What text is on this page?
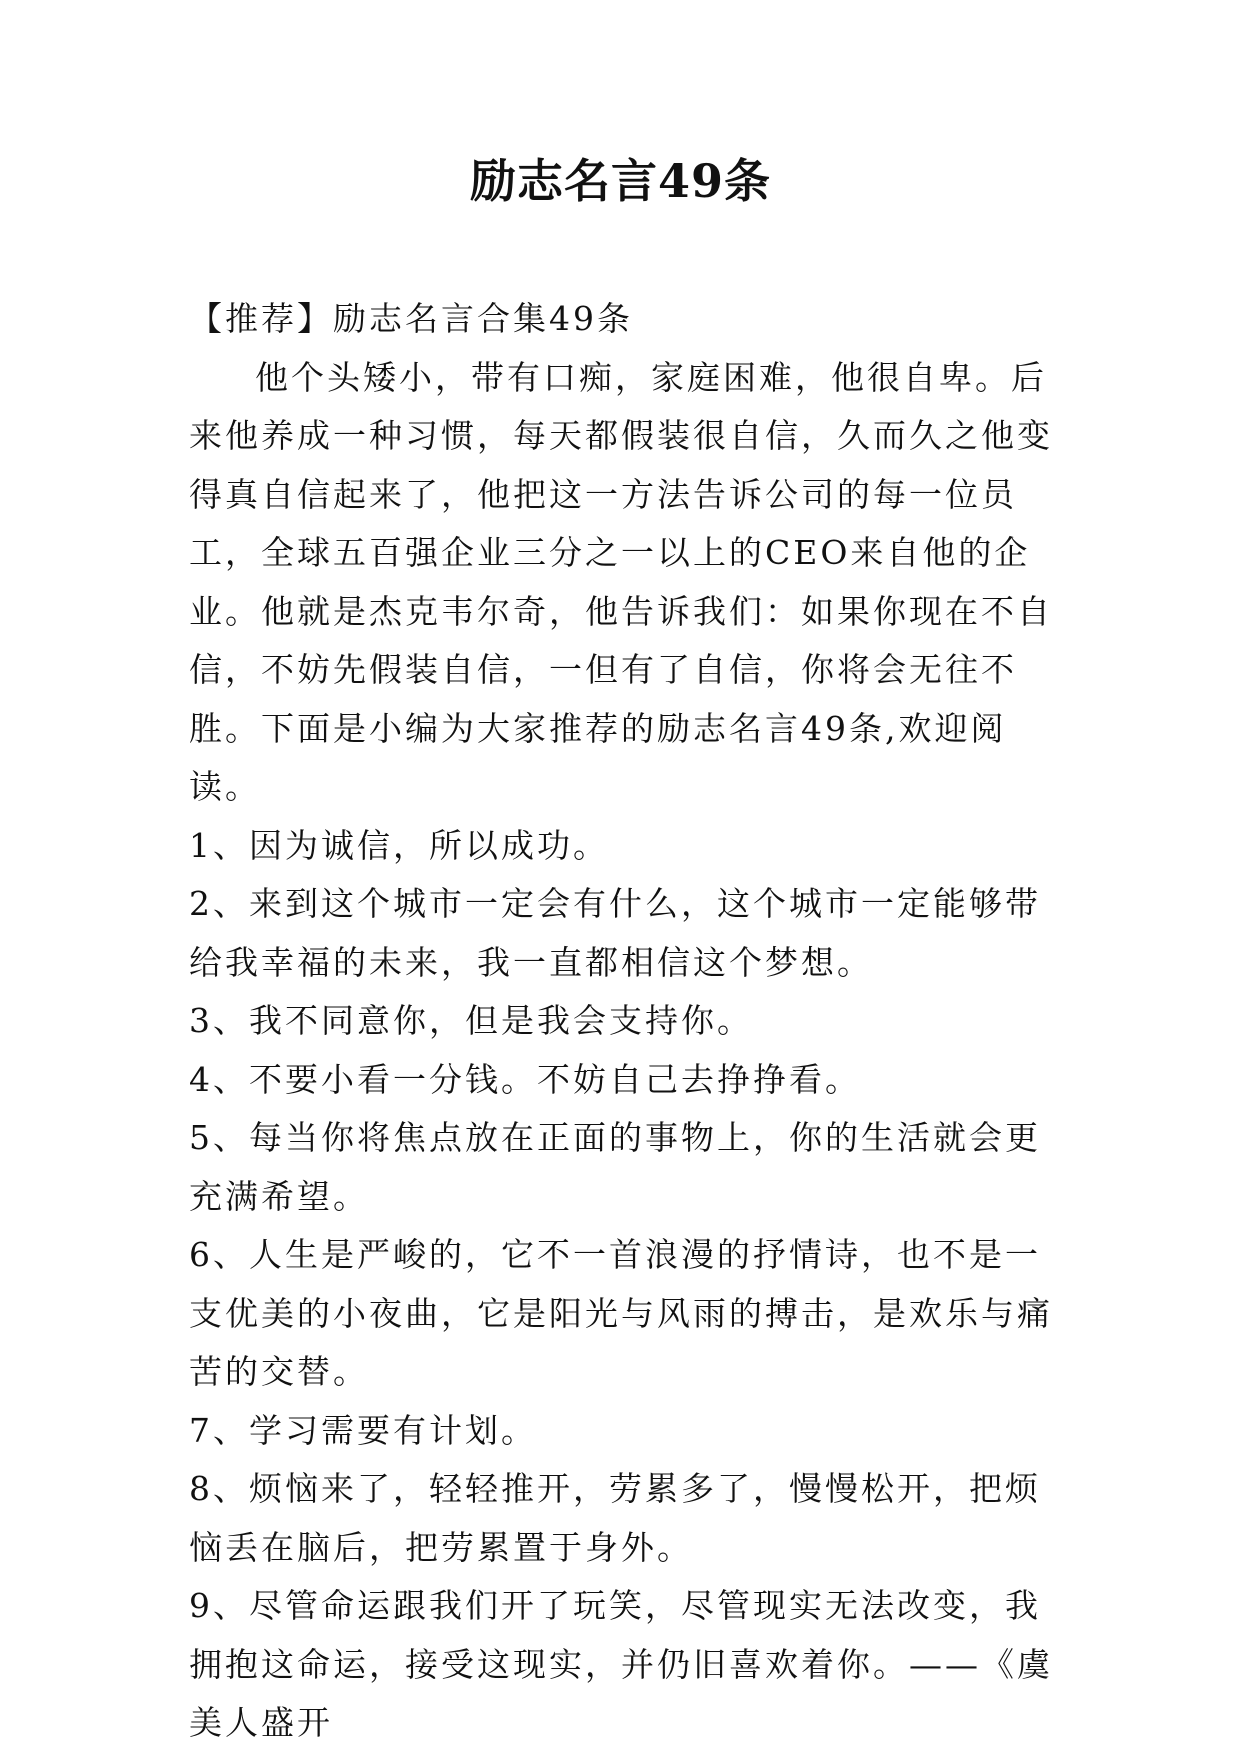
励志名言49条

【推荐】励志名言合集49条

他个头矮小，带有口痴，家庭困难，他很自卑。后来他养成一种习惯，每天都假装很自信，久而久之他变得真自信起来了，他把这一方法告诉公司的每一位员工，全球五百强企业三分之一以上的CEO来自他的企业。他就是杰克韦尔奇，他告诉我们：如果你现在不自信，不妨先假装自信，一但有了自信，你将会无往不胜。下面是小编为大家推荐的励志名言49条,欢迎阅读。

1、因为诚信，所以成功。

2、来到这个城市一定会有什么，这个城市一定能够带给我幸福的未来，我一直都相信这个梦想。

3、我不同意你，但是我会支持你。

4、不要小看一分钱。不妨自己去挣挣看。

5、每当你将焦点放在正面的事物上，你的生活就会更充满希望。

6、人生是严峻的，它不一首浪漫的抒情诗，也不是一支优美的小夜曲，它是阳光与风雨的搏击，是欢乐与痛苦的交替。

7、学习需要有计划。

8、烦恼来了，轻轻推开，劳累多了，慢慢松开，把烦恼丢在脑后，把劳累置于身外。

9、尽管命运跟我们开了玩笑，尽管现实无法改变，我拥抱这命运，接受这现实，并仍旧喜欢着你。——《虞美人盛开
